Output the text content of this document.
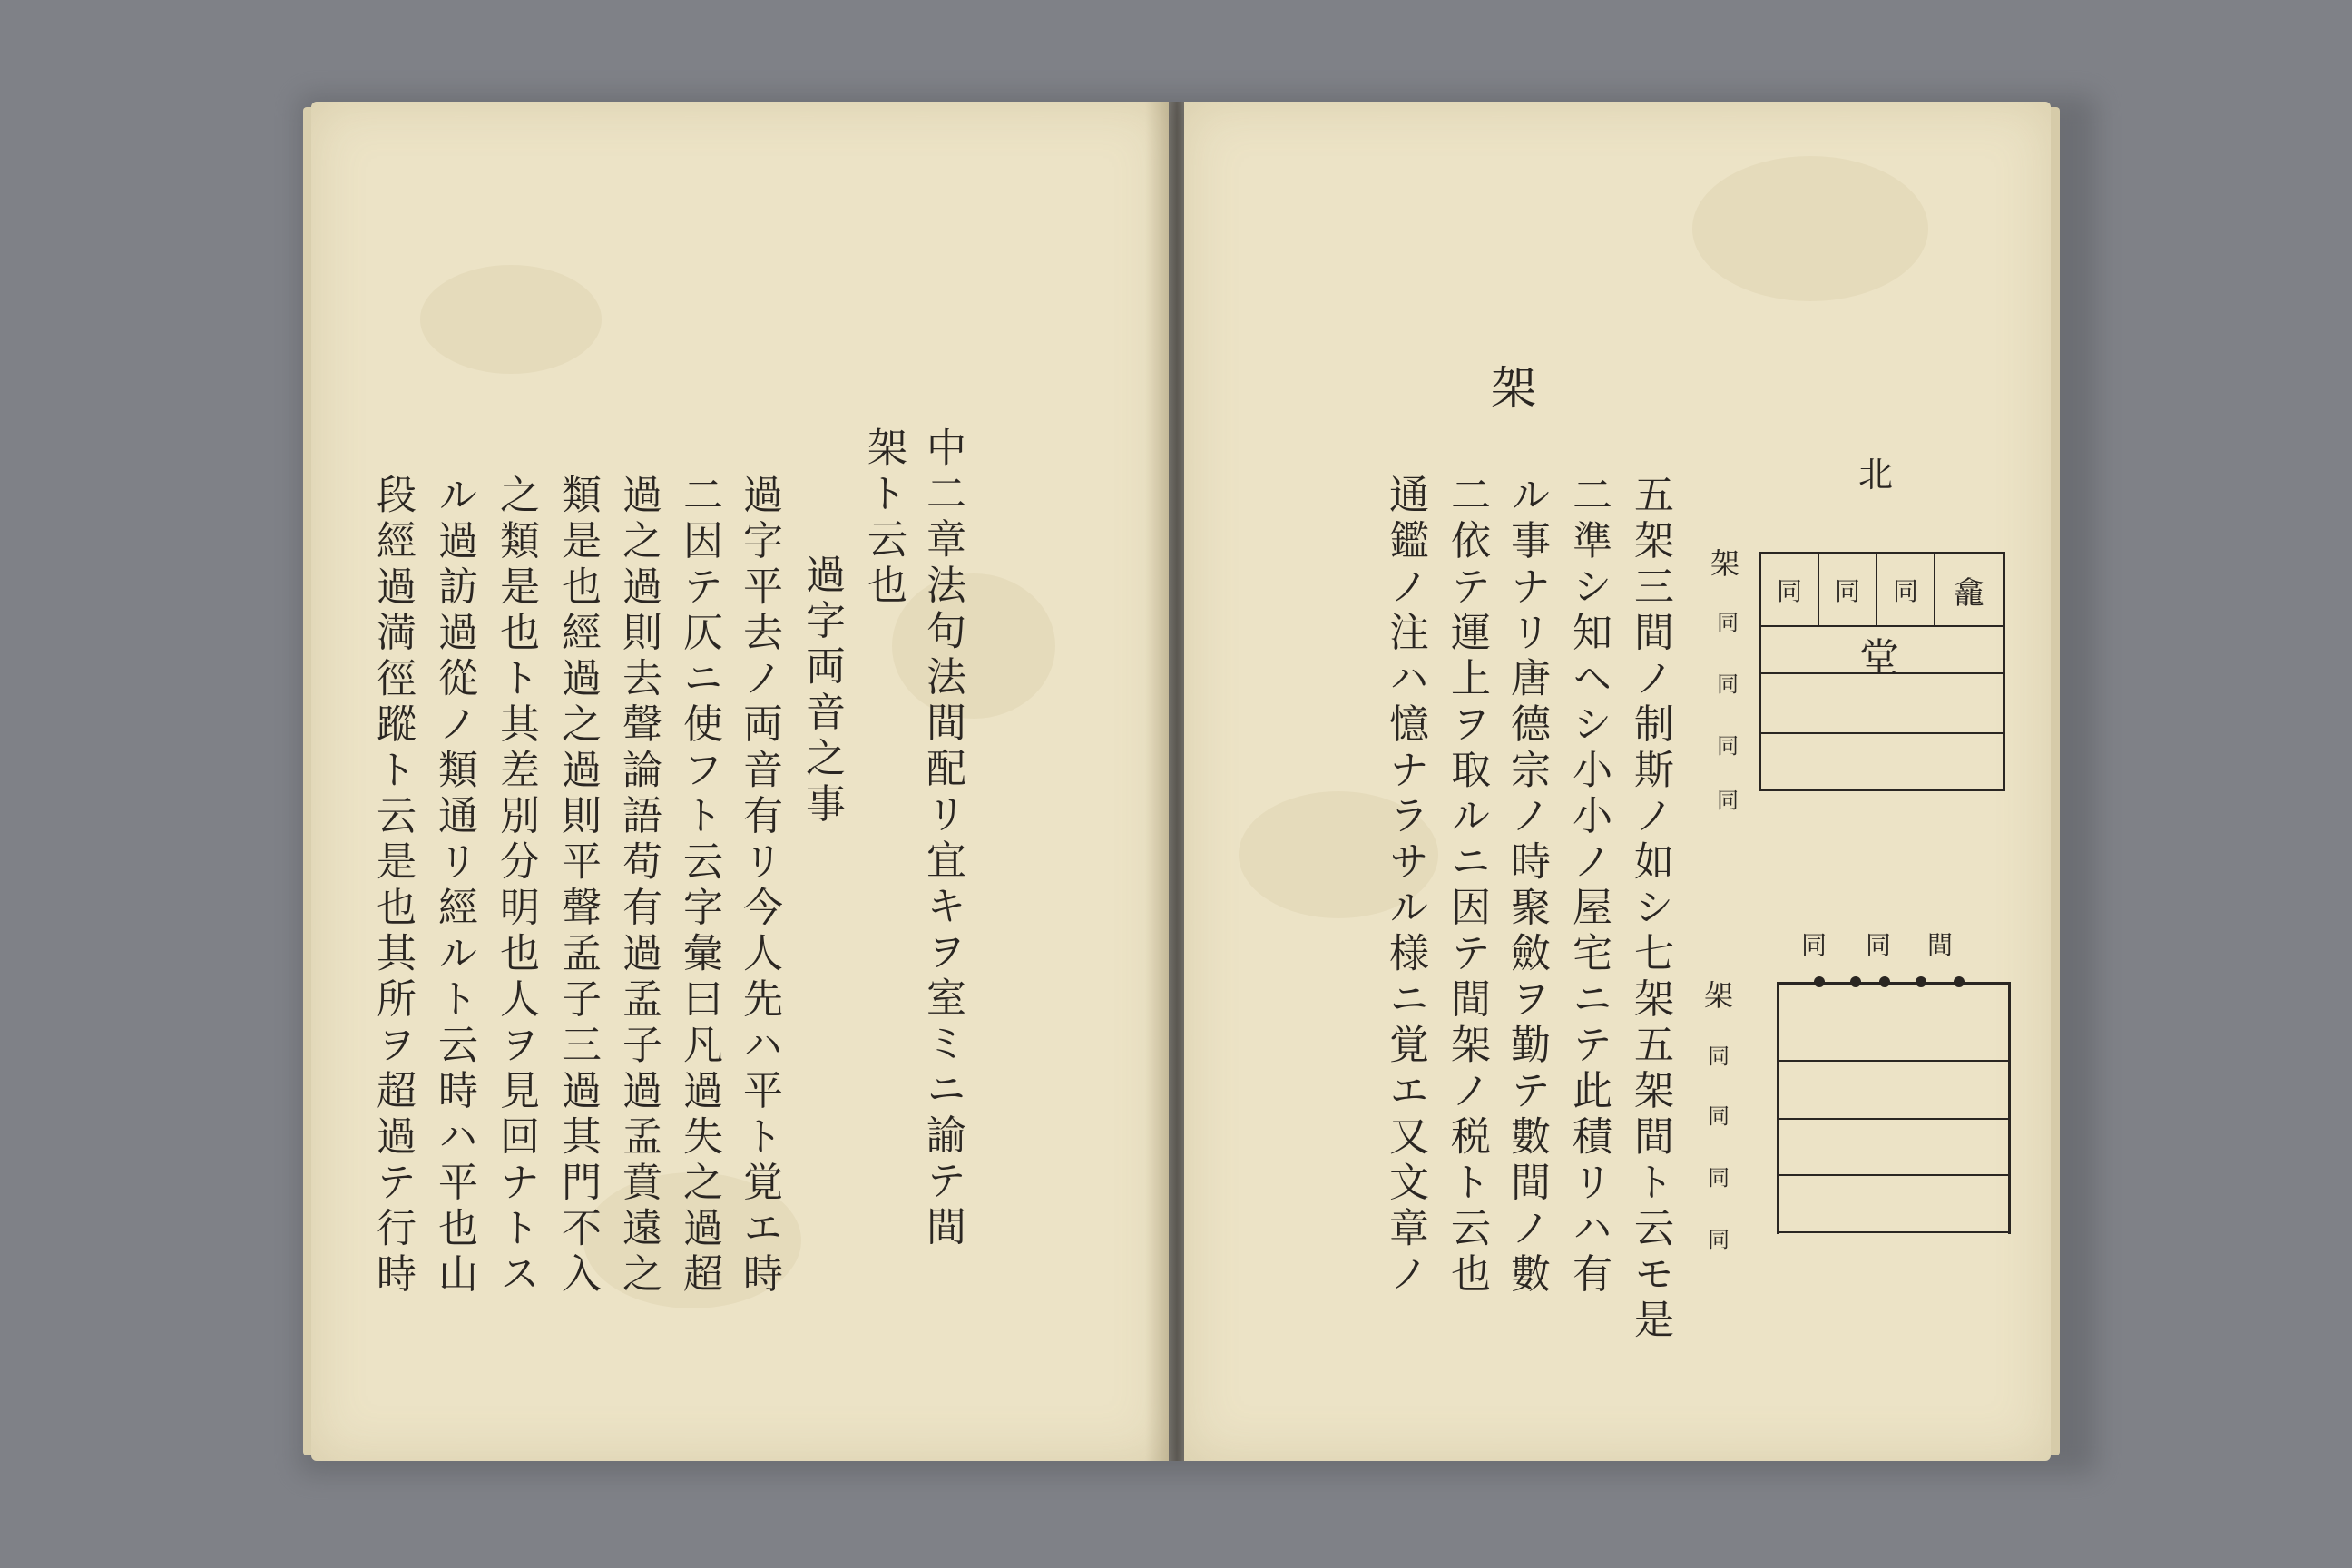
中二章法句法間配リ宜キヲ室ミニ諭テ間
架ト云也
過字両音之事
過字平去ノ両音有リ今人先ハ平ト覚エ時
二因テ仄ニ使フト云字彙曰凡過失之過超
過之過則去聲論語苟有過孟子過孟賁遠之
類是也經過之過則平聲孟子三過其門不入
之類是也ト其差別分明也人ヲ見回ナトス
ル過訪過從ノ類通リ經ルト云時ハ平也山
段經過満徑蹤ト云是也其所ヲ超過テ行時
架
五架三間ノ制斯ノ如シ七架五架間ト云モ是
二準シ知ヘシ小小ノ屋宅ニテ此積リハ有
ル事ナリ唐德宗ノ時聚斂ヲ勤テ數間ノ數
二依テ運上ヲ取ルニ因テ間架ノ税ト云也
通鑑ノ注ハ憶ナラサル様ニ覚エ又文章ノ	北
同	同	同	龕
堂
架
同
同
同
同
同 同 間
架
同
同
同
同
